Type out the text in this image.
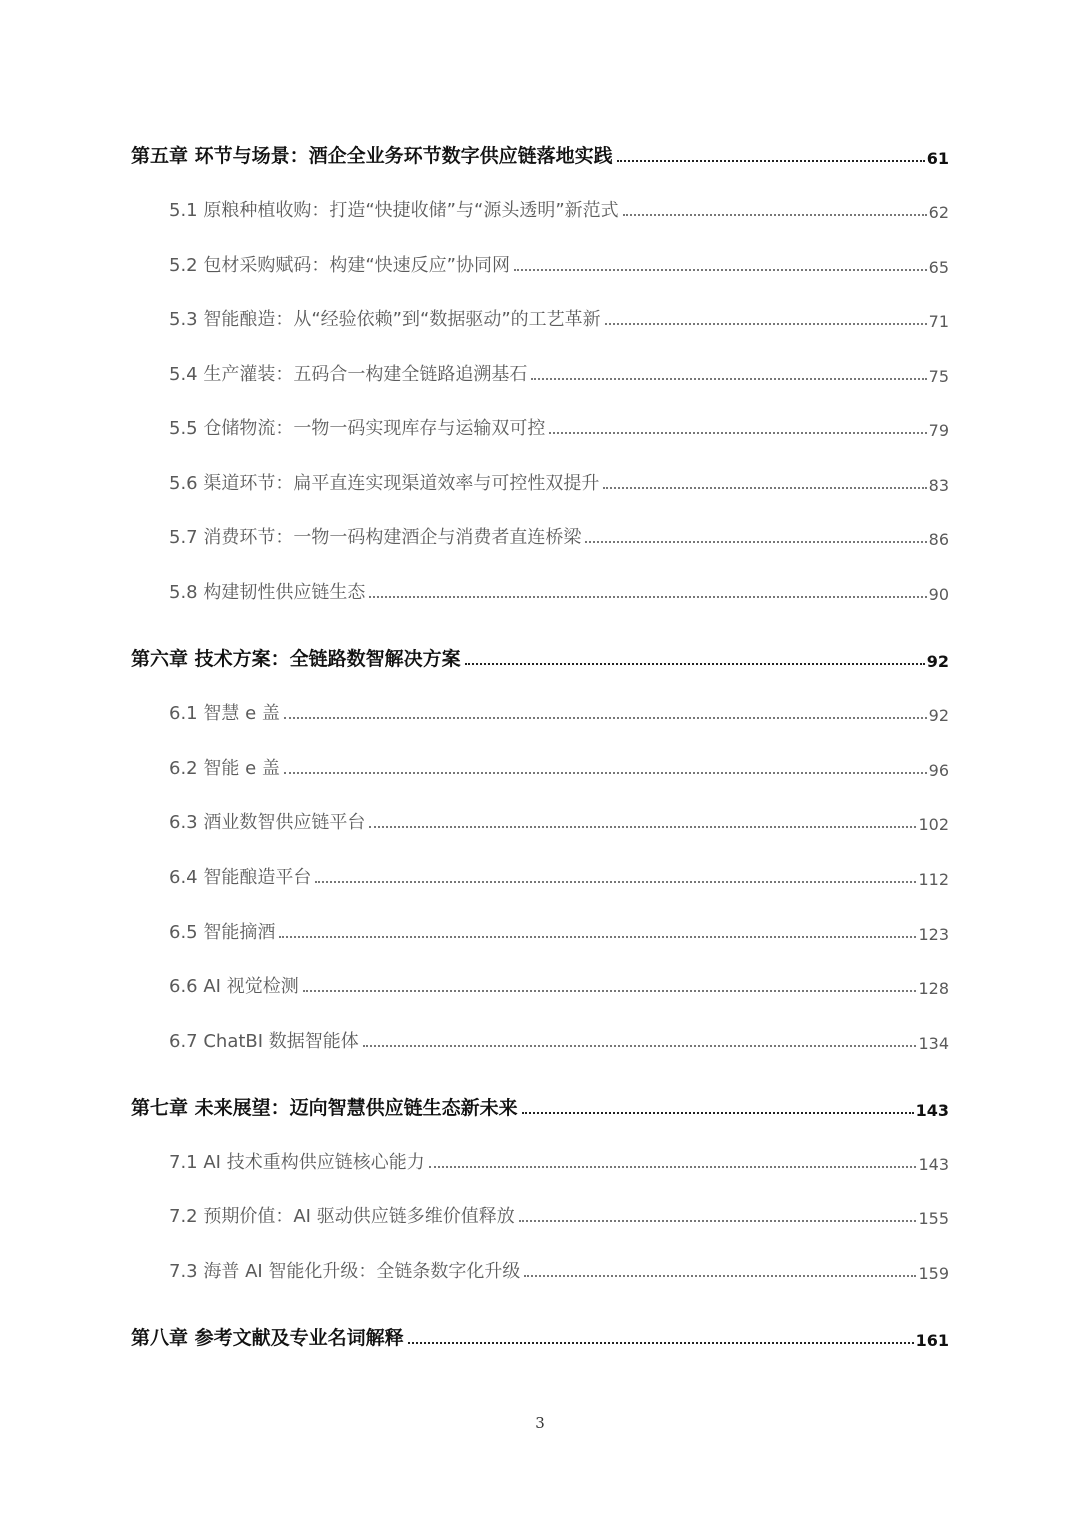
第五章 环节与场景：酒企全业务环节数字供应链落地实践	61
5.1 原粮种植收购：打造“快捷收储”与“源头透明”新范式	62
5.2 包材采购赋码：构建“快速反应”协同网	65
5.3 智能酿造：从“经验依赖”到“数据驱动”的工艺革新	71
5.4 生产灌装：五码合一构建全链路追溯基石	75
5.5 仓储物流：一物一码实现库存与运输双可控	79
5.6 渠道环节：扁平直连实现渠道效率与可控性双提升	83
5.7 消费环节：一物一码构建酒企与消费者直连桥梁	86
5.8 构建韧性供应链生态	90
第六章 技术方案：全链路数智解决方案	92
6.1 智慧 e 盖	92
6.2 智能 e 盖	96
6.3 酒业数智供应链平台	102
6.4 智能酿造平台	112
6.5 智能摘酒	123
6.6 AI 视觉检测	128
6.7 ChatBI 数据智能体	134
第七章 未来展望：迈向智慧供应链生态新未来	143
7.1 AI 技术重构供应链核心能力	143
7.2 预期价值：AI 驱动供应链多维价值释放	155
7.3 海普 AI 智能化升级：全链条数字化升级	159
第八章 参考文献及专业名词解释	161
3
